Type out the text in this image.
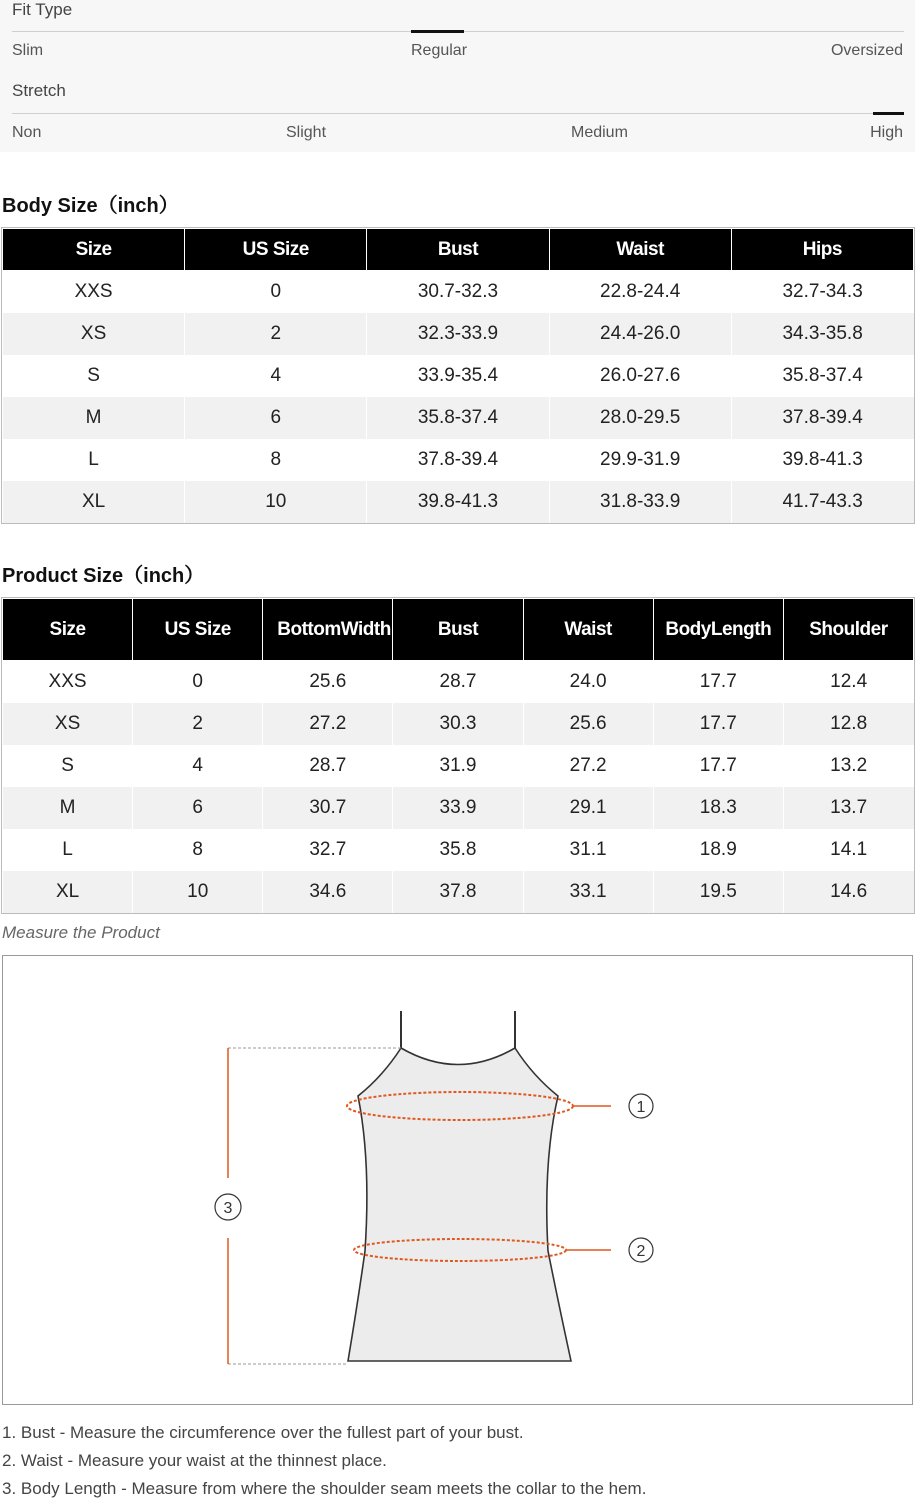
Fit Type
Slim	Regular	Oversized
Stretch
Non	Slight	Medium	High
Body Size（inch）
Size	US Size	Bust	Waist	Hips
XXS	0	30.7-32.3	22.8-24.4	32.7-34.3
XS	2	32.3-33.9	24.4-26.0	34.3-35.8
S	4	33.9-35.4	26.0-27.6	35.8-37.4
M	6	35.8-37.4	28.0-29.5	37.8-39.4
L	8	37.8-39.4	29.9-31.9	39.8-41.3
XL	10	39.8-41.3	31.8-33.9	41.7-43.3
Product Size（inch）
Size	US Size	BottomWidth	Bust	Waist	BodyLength	Shoulder
XXS	0	25.6	28.7	24.0	17.7	12.4
XS	2	27.2	30.3	25.6	17.7	12.8
S	4	28.7	31.9	27.2	17.7	13.2
M	6	30.7	33.9	29.1	18.3	13.7
L	8	32.7	35.8	31.1	18.9	14.1
XL	10	34.6	37.8	33.1	19.5	14.6
Measure the Product
1
2
3
1. Bust - Measure the circumference over the fullest part of your bust.
2. Waist - Measure your waist at the thinnest place.
3. Body Length - Measure from where the shoulder seam meets the collar to the hem.
